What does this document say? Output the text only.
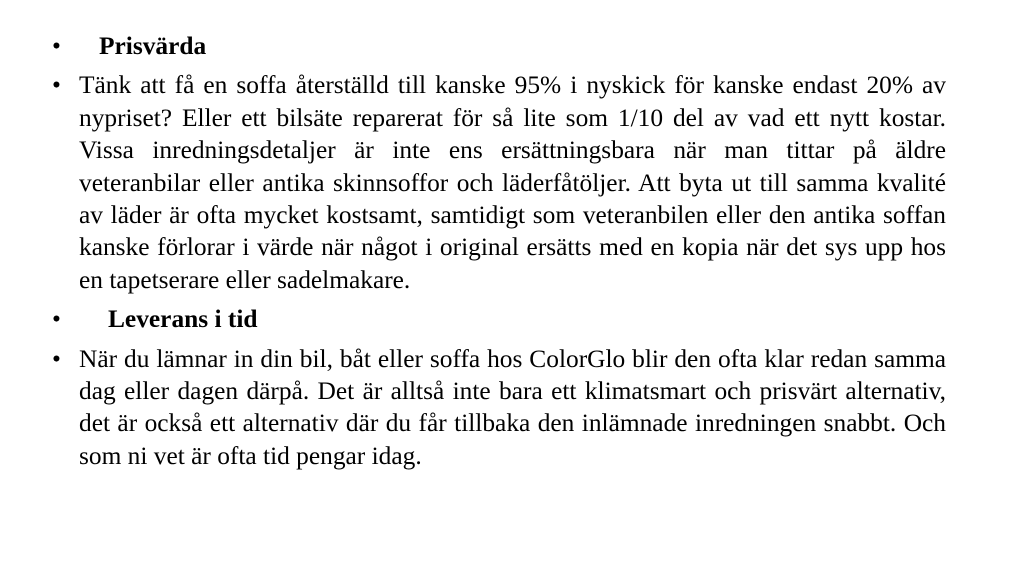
•	Prisvärda
• Tänk att få en soffa återställd till kanske 95% i nyskick för kanske endast 20% av nypriset? Eller ett bilsäte reparerat för så lite som 1/10 del av vad ett nytt kostar. Vissa inredningsdetaljer är inte ens ersättningsbara när man tittar på äldre veteranbilar eller antika skinnsoffor och läderfåtöljer. Att byta ut till samma kvalité av läder är ofta mycket kostsamt, samtidigt som veteranbilen eller den antika soffan kanske förlorar i värde när något i original ersätts med en kopia när det sys upp hos en tapetserare eller sadelmakare.
•	Leverans i tid
• När du lämnar in din bil, båt eller soffa hos ColorGlo blir den ofta klar redan samma dag eller dagen därpå. Det är alltså inte bara ett klimatsmart och prisvärt alternativ, det är också ett alternativ där du får tillbaka den inlämnade inredningen snabbt. Och som ni vet är ofta tid pengar idag.
